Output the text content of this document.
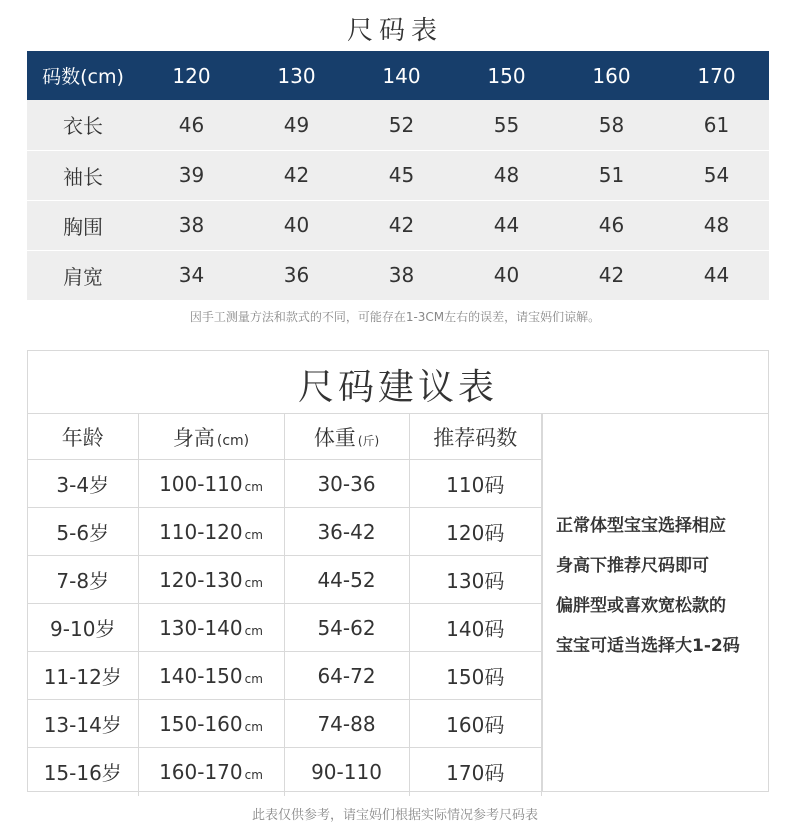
尺码表
码数(cm)	120	130	140	150	160	170
衣长	46	49	52	55	58	61
袖长	39	42	45	48	51	54
胸围	38	40	42	44	46	48
肩宽	34	36	38	40	42	44
因手工测量方法和款式的不同，可能存在1-3CM左右的误差，请宝妈们谅解。
尺码建议表
年龄	身高 (cm)	体重 (斤)	推荐码数
3-4岁	100-110 cm	30-36	110码
5-6岁	110-120 cm	36-42	120码
7-8岁	120-130 cm	44-52	130码
9-10岁	130-140 cm	54-62	140码
11-12岁	140-150 cm	64-72	150码
13-14岁	150-160 cm	74-88	160码
15-16岁	160-170 cm	90-110	170码
正常体型宝宝选择相应
身高下推荐尺码即可
偏胖型或喜欢宽松款的
宝宝可适当选择大1-2码
此表仅供参考，请宝妈们根据实际情况参考尺码表
